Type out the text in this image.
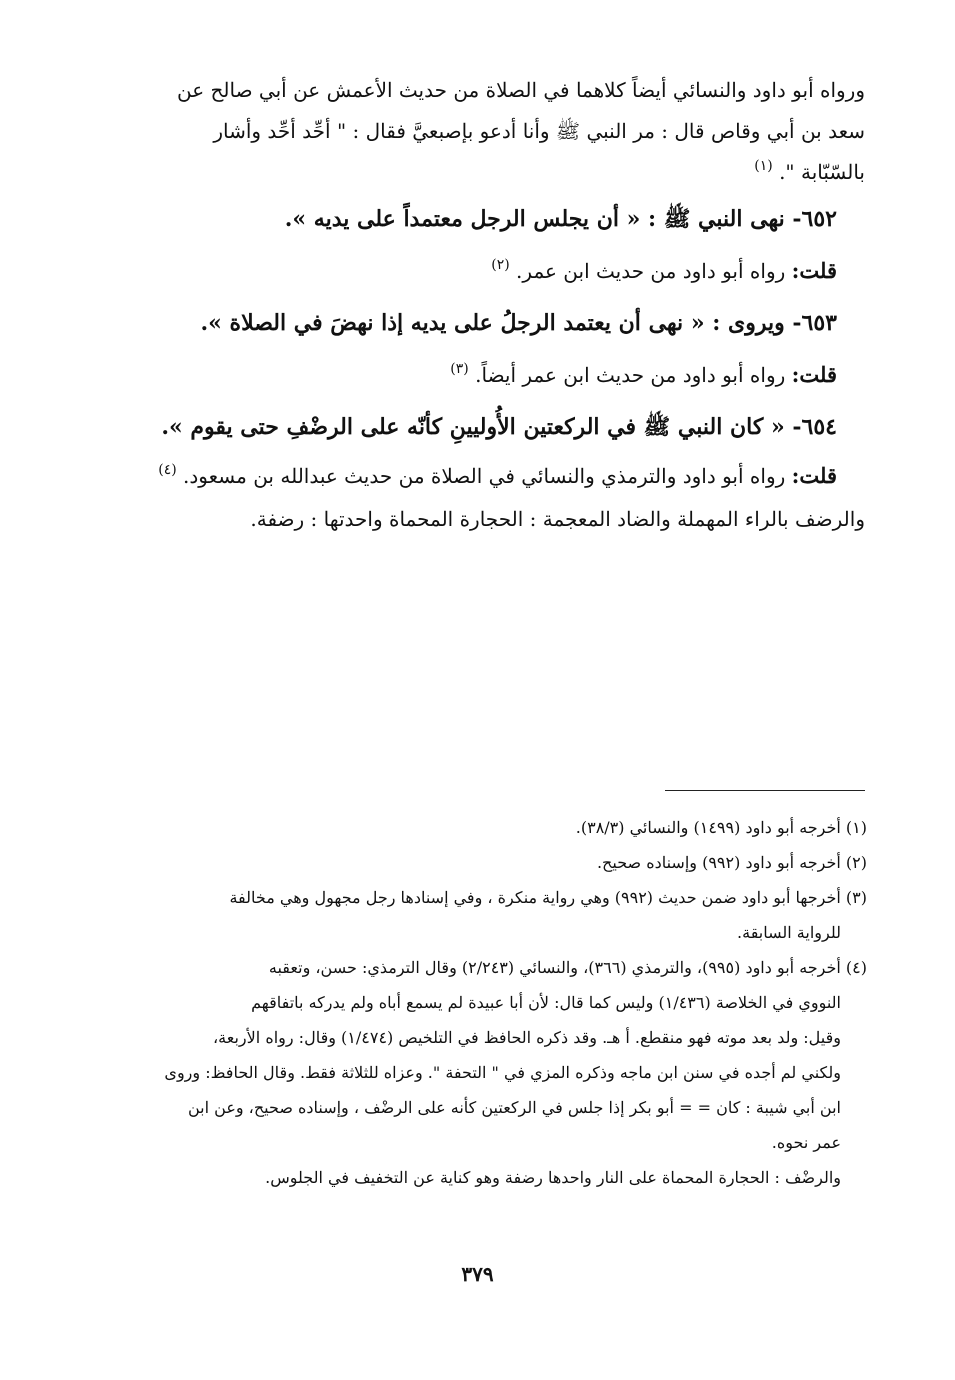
ورواه أبو داود والنسائي أيضاً كلاهما في الصلاة من حديث الأعمش عن أبي صالح عن
سعد بن أبي وقاص قال : مر النبي ﷺ وأنا أدعو بإصبعيَّ فقال : " أحِّد أحِّد وأشار
بالسّبّابة ". $^{(١)}$

٦٥٢- نهى النبي ﷺ : « أن يجلس الرجل معتمداً على يديه ».

قلت: رواه أبو داود من حديث ابن عمر. $^{(٢)}$

٦٥٣- ويروى : « نهى أن يعتمد الرجلُ على يديه إذا نهضَ في الصلاة ».

قلت: رواه أبو داود من حديث ابن عمر أيضاً. $^{(٣)}$

٦٥٤- « كان النبي ﷺ في الركعتين الأُوليينِ كأنّه على الرضْفِ حتى يقوم ».

قلت: رواه أبو داود والترمذي والنسائي في الصلاة من حديث عبدالله بن مسعود. $^{(٤)}$

والرضف بالراء المهملة والضاد المعجمة : الحجارة المحماة واحدتها : رضفة.

(١) أخرجه أبو داود (١٤٩٩) والنسائي (٣٨/٣).

(٢) أخرجه أبو داود (٩٩٢) وإسناده صحيح.

(٣) أخرجها أبو داود ضمن حديث (٩٩٢) وهي رواية منكرة ، وفي إسنادها رجل مجهول وهي مخالفة

للرواية السابقة.

(٤) أخرجه أبو داود (٩٩٥)، والترمذي (٣٦٦)، والنسائي (٢/٢٤٣) وقال الترمذي: حسن، وتعقبه

النووي في الخلاصة (١/٤٣٦) وليس كما قال: لأن أبا عبيدة لم يسمع أباه ولم يدركه باتفاقهم

وقيل: ولد بعد موته فهو منقطع. أ هـ. وقد ذكره الحافظ في التلخيص (١/٤٧٤) وقال: رواه الأربعة،

ولكني لم أجده في سنن ابن ماجه وذكره المزي في " التحفة ". وعزاه للثلاثة فقط. وقال الحافظ: وروى

ابن أبي شيبة : كان = = أبو بكر إذا جلس في الركعتين كأنه على الرضْف ، وإسناده صحيح، وعن ابن

عمر نحوه.

والرضْف : الحجارة المحماة على النار واحدها رضفة وهو كناية عن التخفيف في الجلوس.

٣٧٩
